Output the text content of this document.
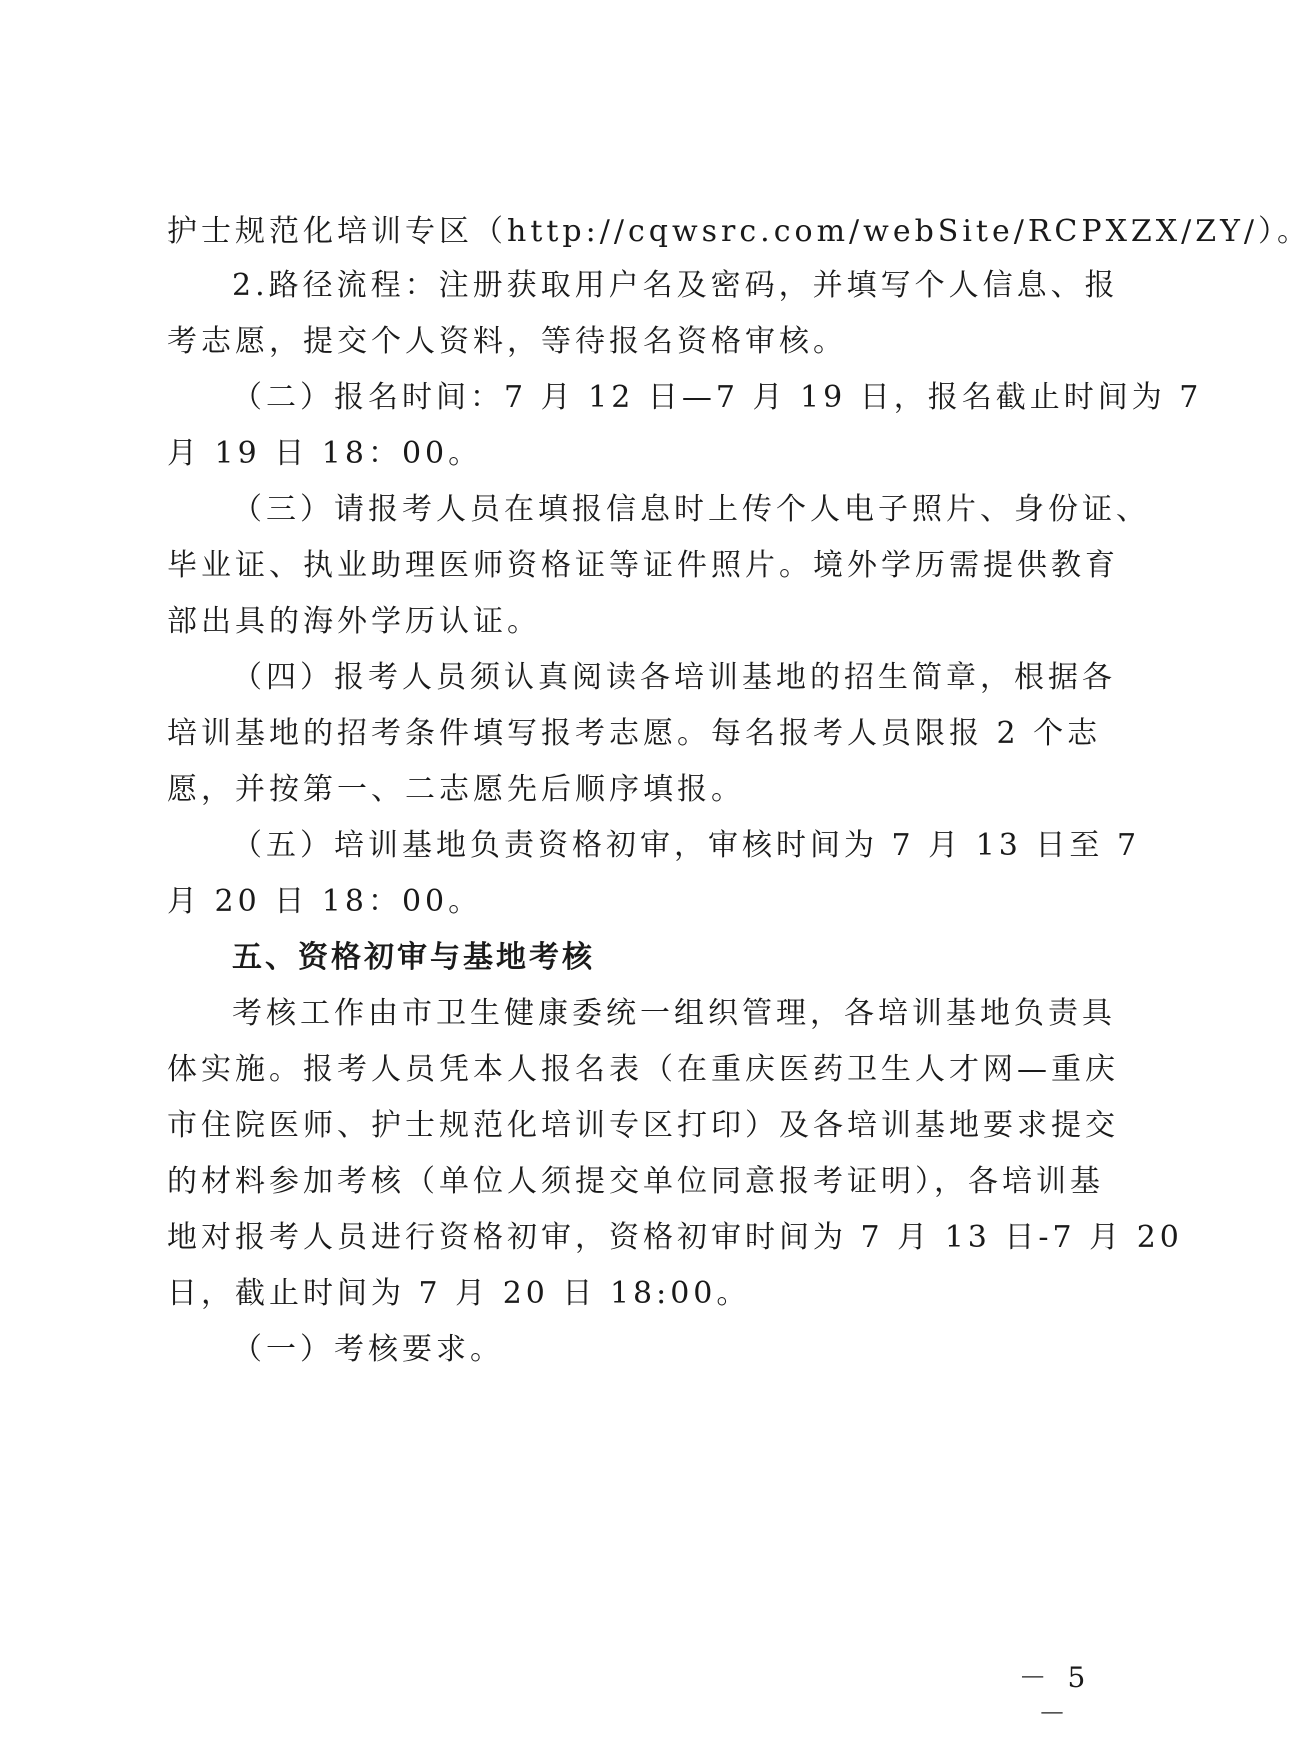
护士规范化培训专区（http://cqwsrc.com/webSite/RCPXZX/ZY/）。
2.路径流程：注册获取用户名及密码，并填写个人信息、报
考志愿，提交个人资料，等待报名资格审核。
（二）报名时间：7 月 12 日—7 月 19 日，报名截止时间为 7
月 19 日 18：00。
（三）请报考人员在填报信息时上传个人电子照片、身份证、
毕业证、执业助理医师资格证等证件照片。境外学历需提供教育
部出具的海外学历认证。
（四）报考人员须认真阅读各培训基地的招生简章，根据各
培训基地的招考条件填写报考志愿。每名报考人员限报 2 个志
愿，并按第一、二志愿先后顺序填报。
（五）培训基地负责资格初审，审核时间为 7 月 13 日至 7
月 20 日 18：00。
五、资格初审与基地考核
考核工作由市卫生健康委统一组织管理，各培训基地负责具
体实施。报考人员凭本人报名表（在重庆医药卫生人才网—重庆
市住院医师、护士规范化培训专区打印）及各培训基地要求提交
的材料参加考核（单位人须提交单位同意报考证明），各培训基
地对报考人员进行资格初审，资格初审时间为 7 月 13 日-7 月 20
日，截止时间为 7 月 20 日 18:00。
（一）考核要求。
－ 5 －
